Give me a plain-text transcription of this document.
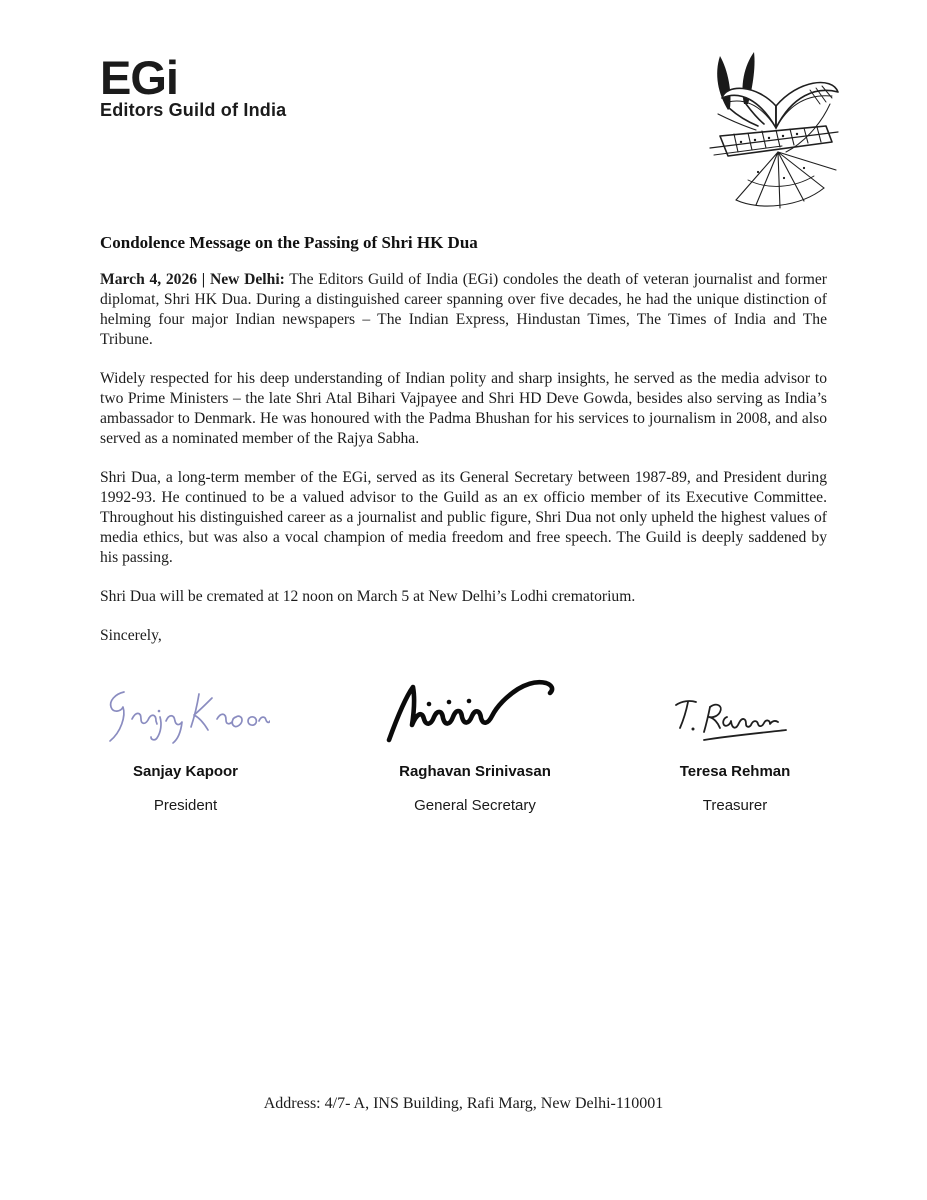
EGi
Editors Guild of India
Condolence Message on the Passing of Shri HK Dua

March 4, 2026 | New Delhi: The Editors Guild of India (EGi) condoles the death of veteran journalist and former diplomat, Shri HK Dua. During a distinguished career spanning over five decades, he had the unique distinction of helming four major Indian newspapers – The Indian Express, Hindustan Times, The Times of India and The Tribune.

Widely respected for his deep understanding of Indian polity and sharp insights, he served as the media advisor to two Prime Ministers – the late Shri Atal Bihari Vajpayee and Shri HD Deve Gowda, besides also serving as India’s ambassador to Denmark. He was honoured with the Padma Bhushan for his services to journalism in 2008, and also served as a nominated member of the Rajya Sabha.

Shri Dua, a long-term member of the EGi, served as its General Secretary between 1987-89, and President during 1992-93. He continued to be a valued advisor to the Guild as an ex officio member of its Executive Committee. Throughout his distinguished career as a journalist and public figure, Shri Dua not only upheld the highest values of media ethics, but was also a vocal champion of media freedom and free speech. The Guild is deeply saddened by his passing.

Shri Dua will be cremated at 12 noon on March 5 at New Delhi’s Lodhi crematorium.

Sincerely,

Sanjay Kapoor
President
Raghavan Srinivasan
General Secretary
Teresa Rehman
Treasurer
Address: 4/7- A, INS Building, Rafi Marg, New Delhi-110001
